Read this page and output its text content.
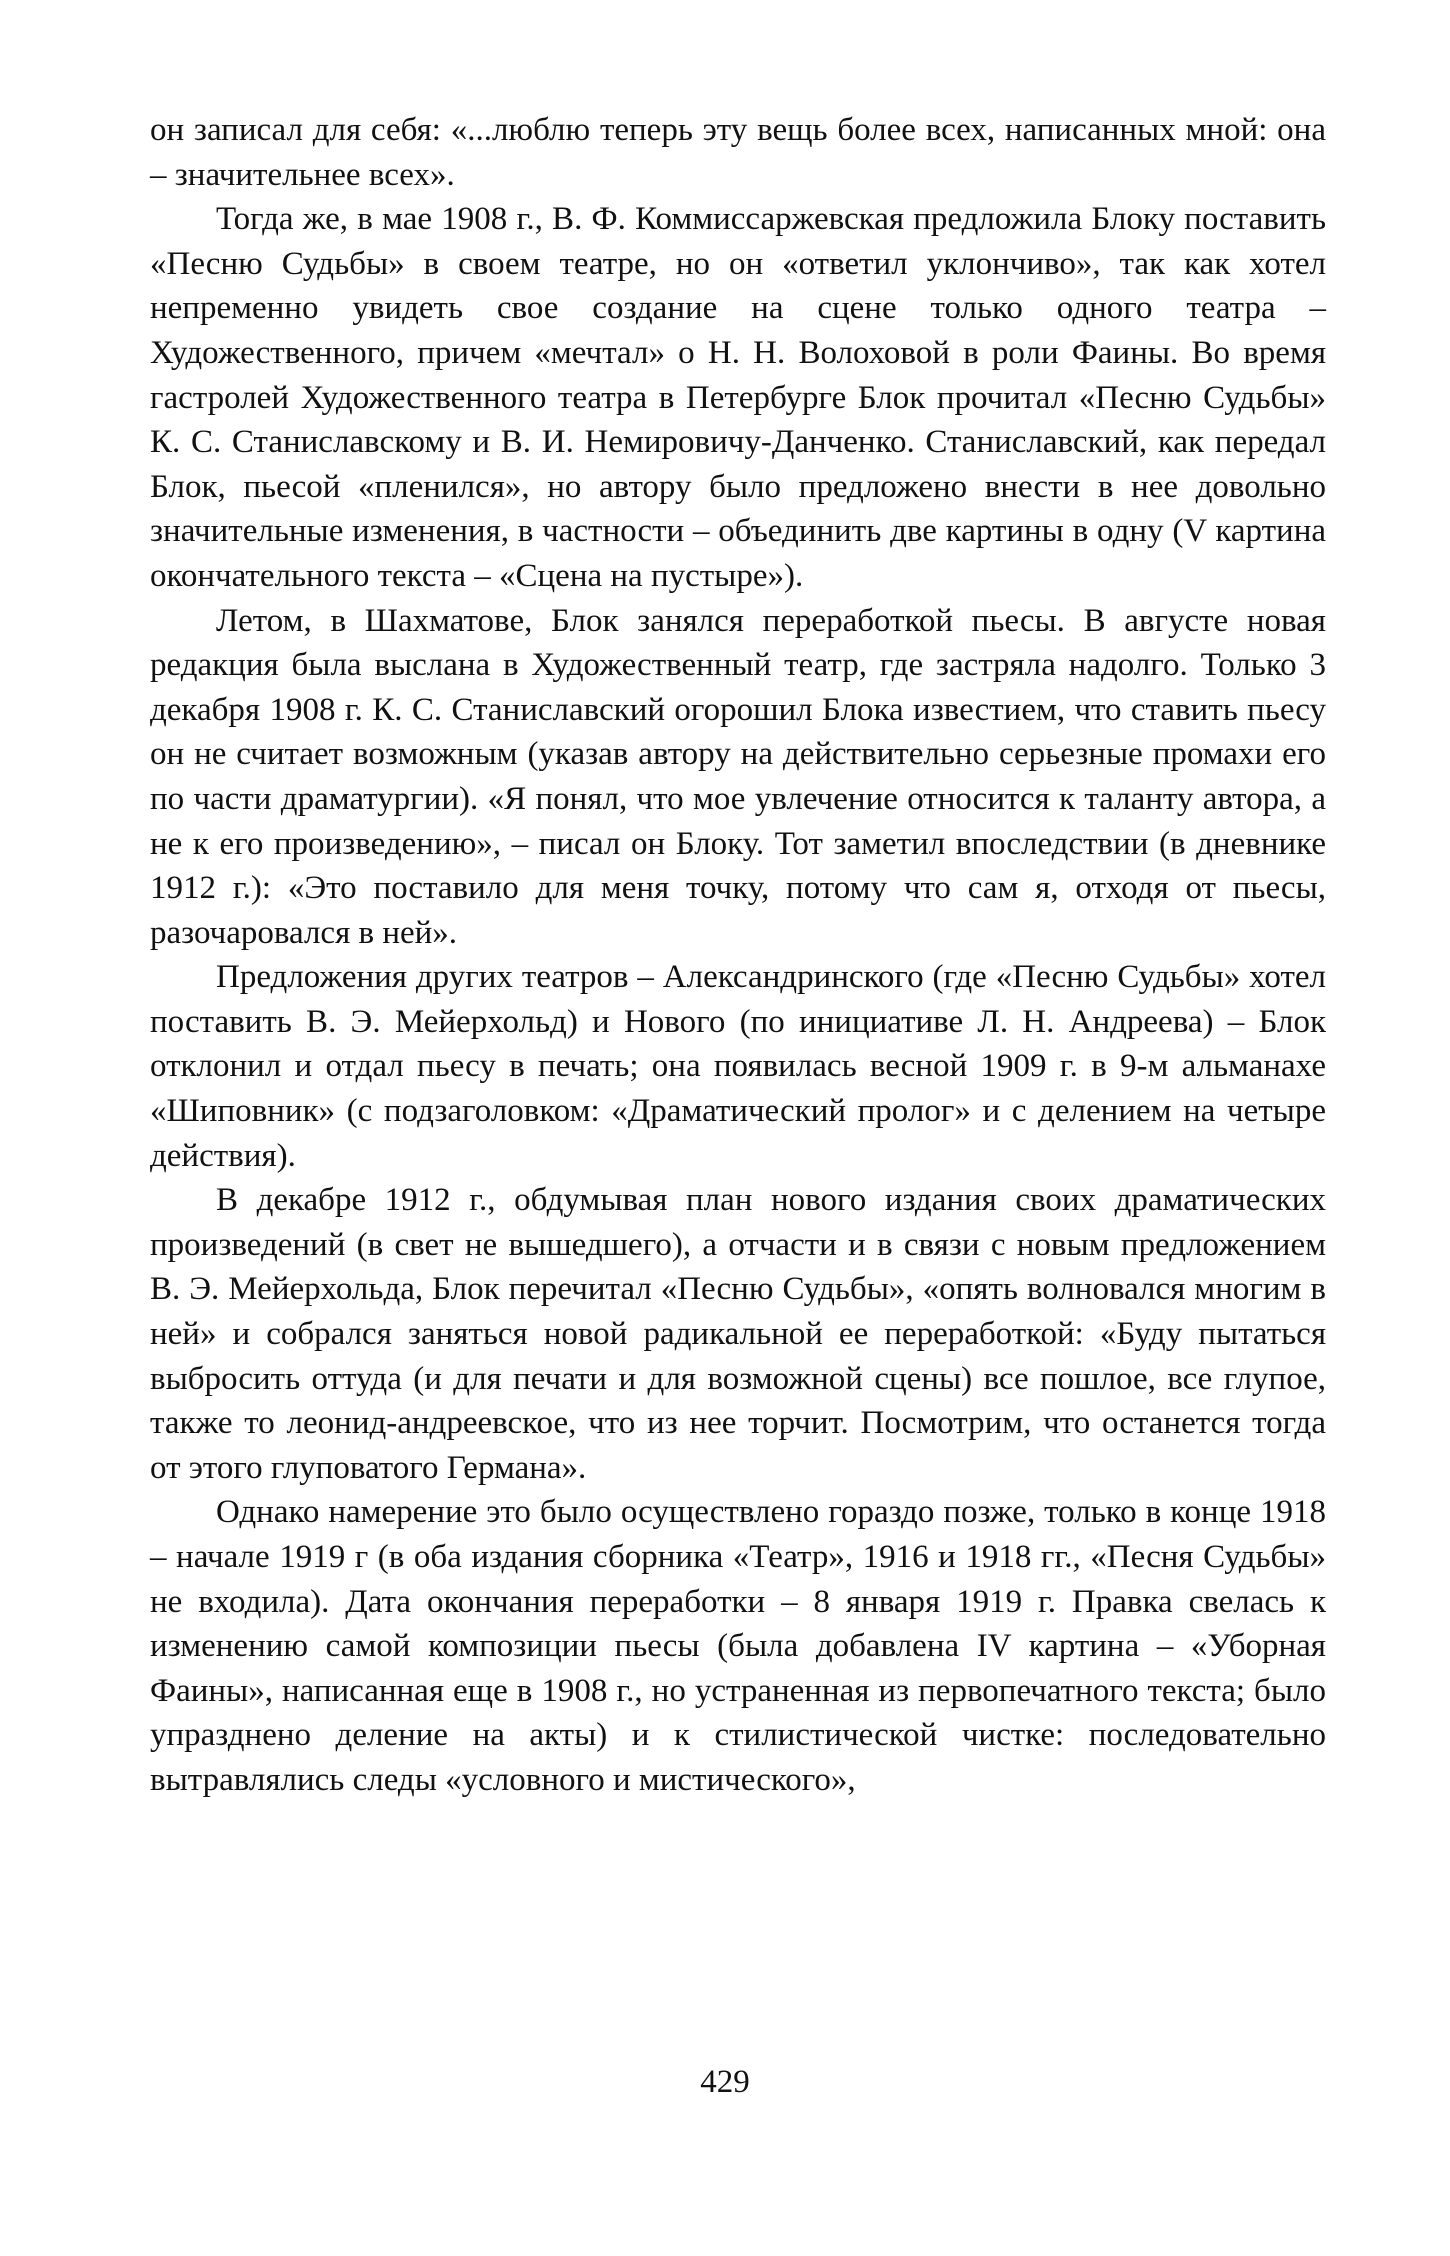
он записал для себя: «...люблю теперь эту вещь более всех, написанных мной: она – значительнее всех».

Тогда же, в мае 1908 г., В. Ф. Коммиссаржевская предложила Блоку поставить «Песню Судьбы» в своем театре, но он «ответил уклончиво», так как хотел непременно увидеть свое создание на сцене только одного театра – Художественного, причем «мечтал» о Н. Н. Волоховой в роли Фаины. Во время гастролей Художественного театра в Петербурге Блок прочитал «Песню Судьбы» К. С. Станиславскому и В. И. Немировичу-Данченко. Станиславский, как передал Блок, пьесой «пленился», но автору было предложено внести в нее довольно значительные изменения, в частности – объединить две картины в одну (V картина окончательного текста – «Сцена на пустыре»).

Летом, в Шахматове, Блок занялся переработкой пьесы. В августе новая редакция была выслана в Художественный театр, где застряла надолго. Только 3 декабря 1908 г. К. С. Станиславский огорошил Блока известием, что ставить пьесу он не считает возможным (указав автору на действительно серьезные промахи его по части драматургии). «Я понял, что мое увлечение относится к таланту автора, а не к его произведению», – писал он Блоку. Тот заметил впоследствии (в дневнике 1912 г.): «Это поставило для меня точку, потому что сам я, отходя от пьесы, разочаровался в ней».

Предложения других театров – Александринского (где «Песню Судьбы» хотел поставить В. Э. Мейерхольд) и Нового (по инициативе Л. Н. Андреева) – Блок отклонил и отдал пьесу в печать; она появилась весной 1909 г. в 9-м альманахе «Шиповник» (с подзаголовком: «Драматический пролог» и с делением на четыре действия).

В декабре 1912 г., обдумывая план нового издания своих драматических произведений (в свет не вышедшего), а отчасти и в связи с новым предложением В. Э. Мейерхольда, Блок перечитал «Песню Судьбы», «опять волновался многим в ней» и собрался заняться новой радикальной ее переработкой: «Буду пытаться выбросить оттуда (и для печати и для возможной сцены) все пошлое, все глупое, также то леонид-андреевское, что из нее торчит. Посмотрим, что останется тогда от этого глуповатого Германа».

Однако намерение это было осуществлено гораздо позже, только в конце 1918 – начале 1919 г (в оба издания сборника «Театр», 1916 и 1918 гг., «Песня Судьбы» не входила). Дата окончания переработки – 8 января 1919 г. Правка свелась к изменению самой композиции пьесы (была добавлена IV картина – «Уборная Фаины», написанная еще в 1908 г., но устраненная из первопечатного текста; было упразднено деление на акты) и к стилистической чистке: последовательно вытравлялись следы «условного и мистического»,

429
